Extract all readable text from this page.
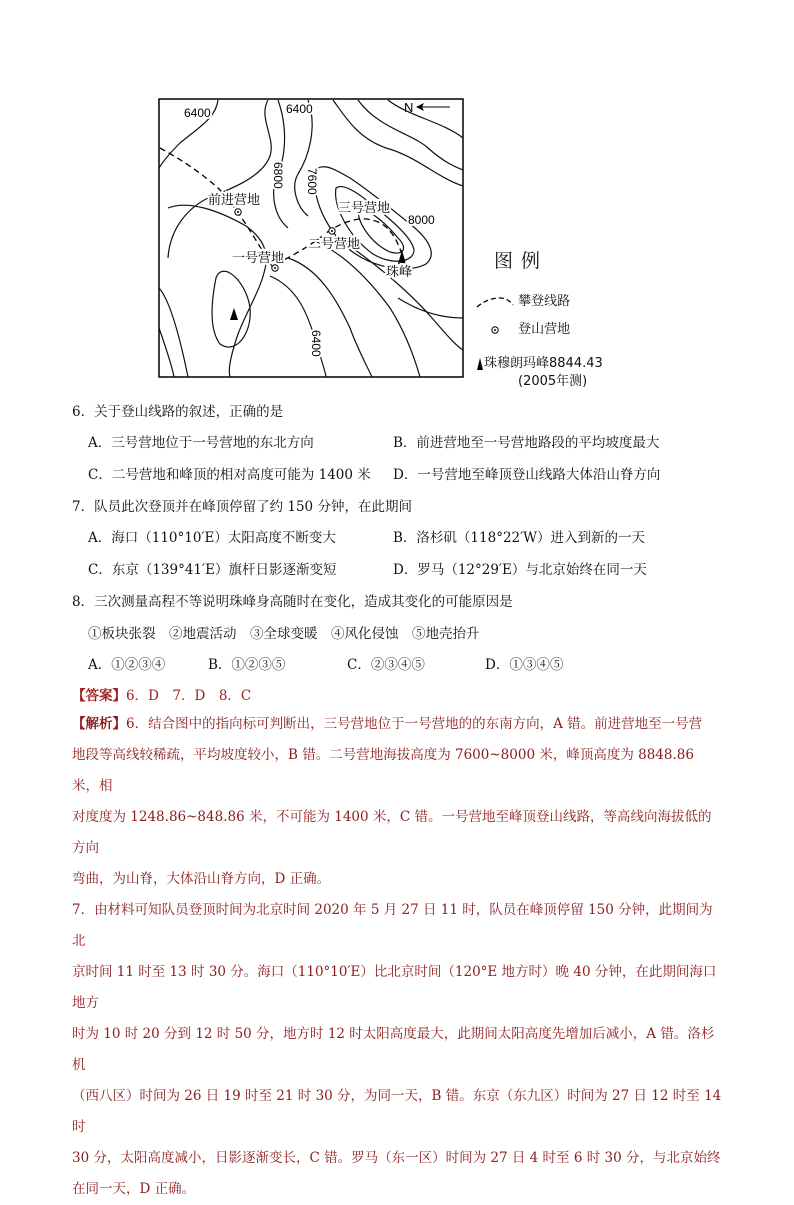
6400	6400
6800 7600
8000
6400
N
前进营地
一号营地
二号营地
三号营地
珠峰
图例
攀登线路
登山营地
珠穆朗玛峰8844.43
(2005年测)
6．关于登山线路的叙述，正确的是
A．三号营地位于一号营地的东北方向	B．前进营地至一号营地路段的平均坡度最大
C．二号营地和峰顶的相对高度可能为 1400 米 D．一号营地至峰顶登山线路大体沿山脊方向
7．队员此次登顶并在峰顶停留了约 150 分钟，在此期间
A．海口（110°10′E）太阳高度不断变大	B．洛杉矶（118°22′W）进入到新的一天
C．东京（139°41′E）旗杆日影逐渐变短	D．罗马（12°29′E）与北京始终在同一天
8．三次测量高程不等说明珠峰身高随时在变化，造成其变化的可能原因是
①板块张裂　②地震活动　③全球变暖　④风化侵蚀　⑤地壳抬升
A．①②③④	B．①②③⑤	C．②③④⑤	D．①③④⑤
【答案】6．D　7．D　8．C
【解析】6．结合图中的指向标可判断出，三号营地位于一号营地的的东南方向，A 错。前进营地至一号营
地段等高线较稀疏，平均坡度较小，B 错。二号营地海拔高度为 7600~8000 米，峰顶高度为 8848.86 米，相
对度度为 1248.86~848.86 米，不可能为 1400 米，C 错。一号营地至峰顶登山线路，等高线向海拔低的方向
弯曲，为山脊，大体沿山脊方向，D 正确。
7．由材料可知队员登顶时间为北京时间 2020 年 5 月 27 日 11 时，队员在峰顶停留 150 分钟，此期间为北
京时间 11 时至 13 时 30 分。海口（110°10′E）比北京时间（120°E 地方时）晚 40 分钟，在此期间海口地方
时为 10 时 20 分到 12 时 50 分，地方时 12 时太阳高度最大，此期间太阳高度先增加后减小，A 错。洛杉机
（西八区）时间为 26 日 19 时至 21 时 30 分，为同一天，B 错。东京（东九区）时间为 27 日 12 时至 14 时
30 分，太阳高度减小，日影逐渐变长，C 错。罗马（东一区）时间为 27 日 4 时至 6 时 30 分，与北京始终
在同一天，D 正确。
